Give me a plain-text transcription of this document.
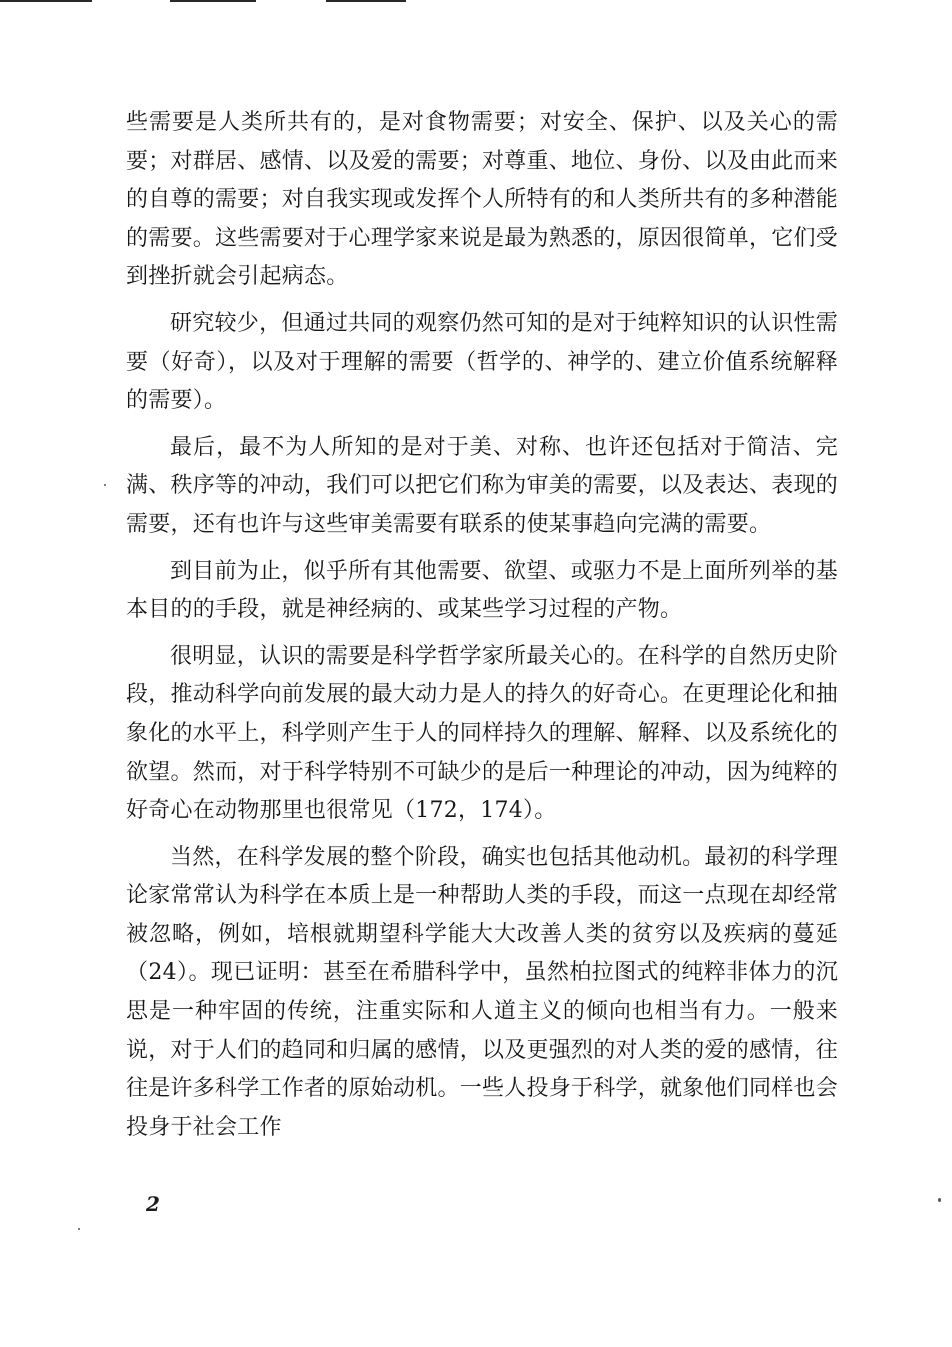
些需要是人类所共有的，是对食物需要；对安全、保护、以及关心的需要；对群居、感情、以及爱的需要；对尊重、地位、身份、以及由此而来的自尊的需要；对自我实现或发挥个人所特有的和人类所共有的多种潜能的需要。这些需要对于心理学家来说是最为熟悉的，原因很简单，它们受到挫折就会引起病态。

研究较少，但通过共同的观察仍然可知的是对于纯粹知识的认识性需要（好奇），以及对于理解的需要（哲学的、神学的、建立价值系统解释的需要）。

最后，最不为人所知的是对于美、对称、也许还包括对于简洁、完满、秩序等的冲动，我们可以把它们称为审美的需要，以及表达、表现的需要，还有也许与这些审美需要有联系的使某事趋向完满的需要。

到目前为止，似乎所有其他需要、欲望、或驱力不是上面所列举的基本目的的手段，就是神经病的、或某些学习过程的产物。

很明显，认识的需要是科学哲学家所最关心的。在科学的自然历史阶段，推动科学向前发展的最大动力是人的持久的好奇心。在更理论化和抽象化的水平上，科学则产生于人的同样持久的理解、解释、以及系统化的欲望。然而，对于科学特别不可缺少的是后一种理论的冲动，因为纯粹的好奇心在动物那里也很常见（172，174）。

当然，在科学发展的整个阶段，确实也包括其他动机。最初的科学理论家常常认为科学在本质上是一种帮助人类的手段，而这一点现在却经常被忽略，例如，培根就期望科学能大大改善人类的贫穷以及疾病的蔓延（24）。现已证明：甚至在希腊科学中，虽然柏拉图式的纯粹非体力的沉思是一种牢固的传统，注重实际和人道主义的倾向也相当有力。一般来说，对于人们的趋同和归属的感情，以及更强烈的对人类的爱的感情，往往是许多科学工作者的原始动机。一些人投身于科学，就象他们同样也会投身于社会工作

2
